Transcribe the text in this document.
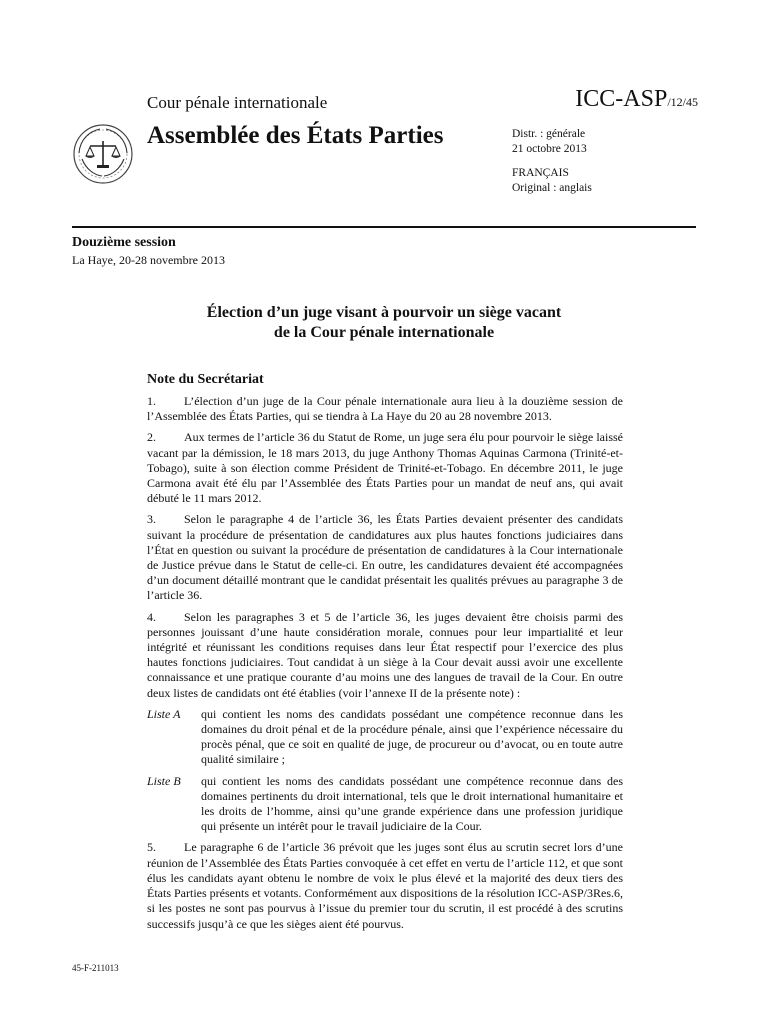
Cour pénale internationale	ICC-ASP/12/45
Assemblée des États Parties	Distr. : générale
21 octobre 2013
FRANÇAIS
Original : anglais
Douzième session
La Haye, 20-28 novembre 2013
Élection d’un juge visant à pourvoir un siège vacant
de la Cour pénale internationale
Note du Secrétariat

1. L’élection d’un juge de la Cour pénale internationale aura lieu à la douzième session de l’Assemblée des États Parties, qui se tiendra à La Haye du 20 au 28 novembre 2013.

2. Aux termes de l’article 36 du Statut de Rome, un juge sera élu pour pourvoir le siège laissé vacant par la démission, le 18 mars 2013, du juge Anthony Thomas Aquinas Carmona (Trinité-et-Tobago), suite à son élection comme Président de Trinité-et-Tobago. En décembre 2011, le juge Carmona avait été élu par l’Assemblée des États Parties pour un mandat de neuf ans, qui avait débuté le 11 mars 2012.

3. Selon le paragraphe 4 de l’article 36, les États Parties devaient présenter des candidats suivant la procédure de présentation de candidatures aux plus hautes fonctions judiciaires dans l’État en question ou suivant la procédure de présentation de candidatures à la Cour internationale de Justice prévue dans le Statut de celle-ci. En outre, les candidatures devaient été accompagnées d’un document détaillé montrant que le candidat présentait les qualités prévues au paragraphe 3 de l’article 36.

4. Selon les paragraphes 3 et 5 de l’article 36, les juges devaient être choisis parmi des personnes jouissant d’une haute considération morale, connues pour leur impartialité et leur intégrité et réunissant les conditions requises dans leur État respectif pour l’exercice des plus hautes fonctions judiciaires. Tout candidat à un siège à la Cour devait aussi avoir une excellente connaissance et une pratique courante d’au moins une des langues de travail de la Cour. En outre deux listes de candidats ont été établies (voir l’annexe II de la présente note) :

Liste A	qui contient les noms des candidats possédant une compétence reconnue dans les domaines du droit pénal et de la procédure pénale, ainsi que l’expérience nécessaire du procès pénal, que ce soit en qualité de juge, de procureur ou d’avocat, ou en toute autre qualité similaire ;
Liste B	qui contient les noms des candidats possédant une compétence reconnue dans des domaines pertinents du droit international, tels que le droit international humanitaire et les droits de l’homme, ainsi qu’une grande expérience dans une profession juridique qui présente un intérêt pour le travail judiciaire de la Cour.

5. Le paragraphe 6 de l’article 36 prévoit que les juges sont élus au scrutin secret lors d’une réunion de l’Assemblée des États Parties convoquée à cet effet en vertu de l’article 112, et que sont élus les candidats ayant obtenu le nombre de voix le plus élevé et la majorité des deux tiers des États Parties présents et votants. Conformément aux dispositions de la résolution ICC-ASP/3Res.6, si les postes ne sont pas pourvus à l’issue du premier tour du scrutin, il est procédé à des scrutins successifs jusqu’à ce que les sièges aient été pourvus.

45-F-211013
